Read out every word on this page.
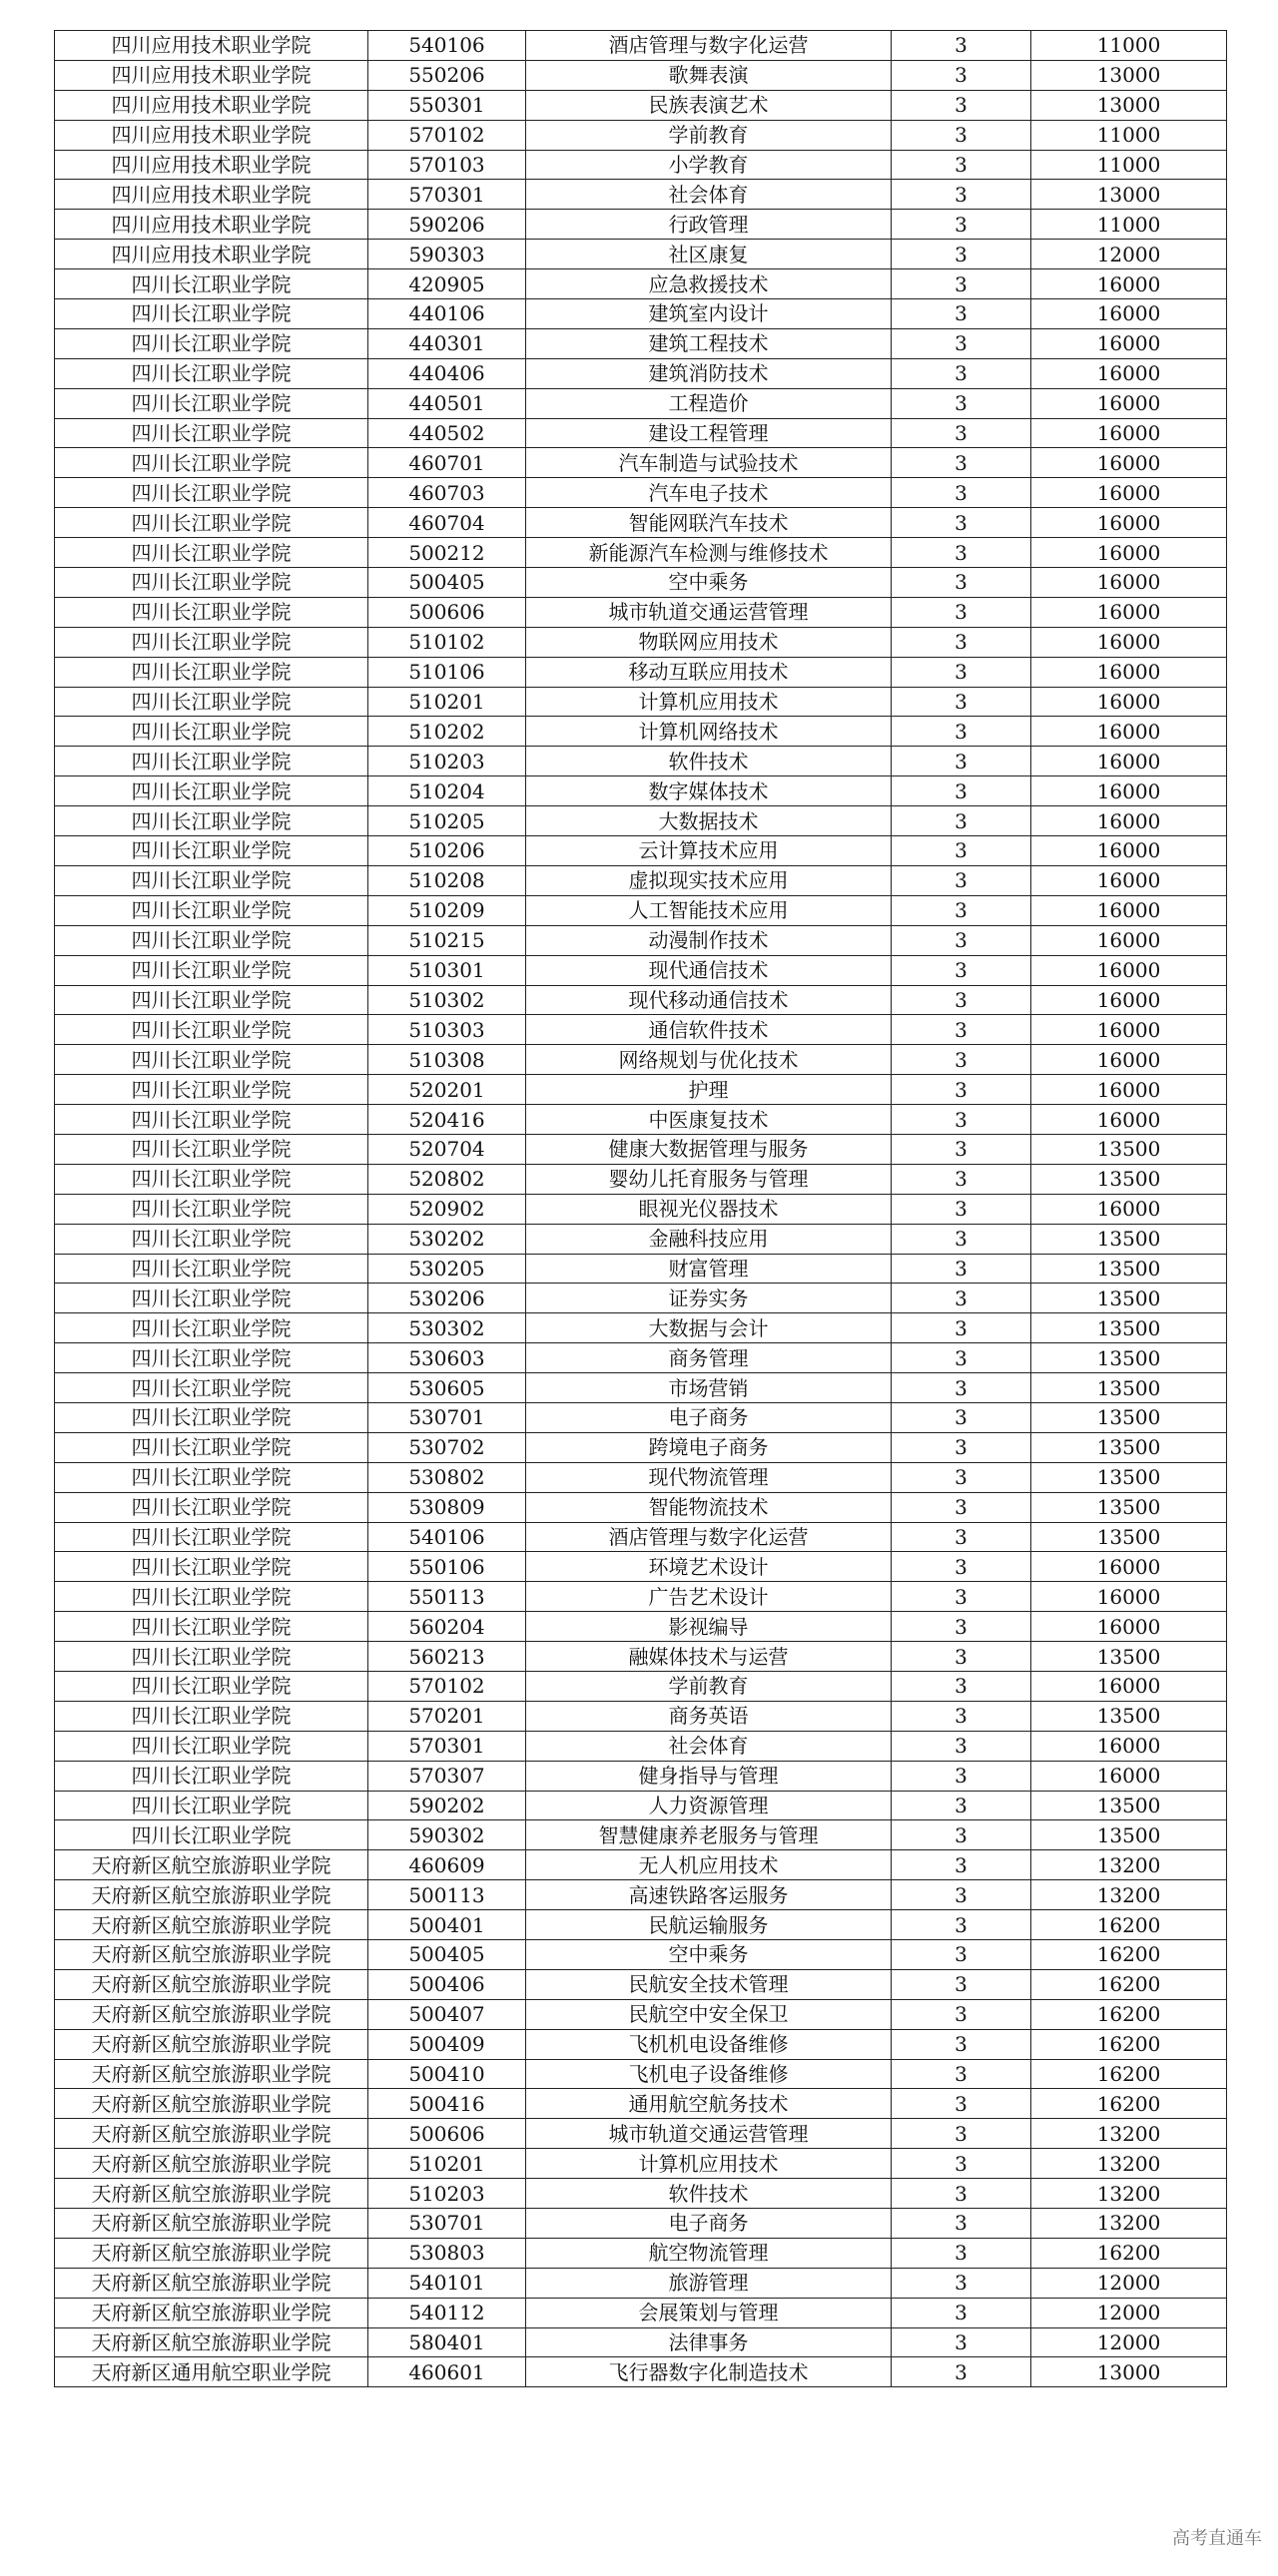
四川应用技术职业学院	540106	酒店管理与数字化运营	3	11000
四川应用技术职业学院	550206	歌舞表演	3	13000
四川应用技术职业学院	550301	民族表演艺术	3	13000
四川应用技术职业学院	570102	学前教育	3	11000
四川应用技术职业学院	570103	小学教育	3	11000
四川应用技术职业学院	570301	社会体育	3	13000
四川应用技术职业学院	590206	行政管理	3	11000
四川应用技术职业学院	590303	社区康复	3	12000
四川长江职业学院	420905	应急救援技术	3	16000
四川长江职业学院	440106	建筑室内设计	3	16000
四川长江职业学院	440301	建筑工程技术	3	16000
四川长江职业学院	440406	建筑消防技术	3	16000
四川长江职业学院	440501	工程造价	3	16000
四川长江职业学院	440502	建设工程管理	3	16000
四川长江职业学院	460701	汽车制造与试验技术	3	16000
四川长江职业学院	460703	汽车电子技术	3	16000
四川长江职业学院	460704	智能网联汽车技术	3	16000
四川长江职业学院	500212	新能源汽车检测与维修技术	3	16000
四川长江职业学院	500405	空中乘务	3	16000
四川长江职业学院	500606	城市轨道交通运营管理	3	16000
四川长江职业学院	510102	物联网应用技术	3	16000
四川长江职业学院	510106	移动互联应用技术	3	16000
四川长江职业学院	510201	计算机应用技术	3	16000
四川长江职业学院	510202	计算机网络技术	3	16000
四川长江职业学院	510203	软件技术	3	16000
四川长江职业学院	510204	数字媒体技术	3	16000
四川长江职业学院	510205	大数据技术	3	16000
四川长江职业学院	510206	云计算技术应用	3	16000
四川长江职业学院	510208	虚拟现实技术应用	3	16000
四川长江职业学院	510209	人工智能技术应用	3	16000
四川长江职业学院	510215	动漫制作技术	3	16000
四川长江职业学院	510301	现代通信技术	3	16000
四川长江职业学院	510302	现代移动通信技术	3	16000
四川长江职业学院	510303	通信软件技术	3	16000
四川长江职业学院	510308	网络规划与优化技术	3	16000
四川长江职业学院	520201	护理	3	16000
四川长江职业学院	520416	中医康复技术	3	16000
四川长江职业学院	520704	健康大数据管理与服务	3	13500
四川长江职业学院	520802	婴幼儿托育服务与管理	3	13500
四川长江职业学院	520902	眼视光仪器技术	3	16000
四川长江职业学院	530202	金融科技应用	3	13500
四川长江职业学院	530205	财富管理	3	13500
四川长江职业学院	530206	证券实务	3	13500
四川长江职业学院	530302	大数据与会计	3	13500
四川长江职业学院	530603	商务管理	3	13500
四川长江职业学院	530605	市场营销	3	13500
四川长江职业学院	530701	电子商务	3	13500
四川长江职业学院	530702	跨境电子商务	3	13500
四川长江职业学院	530802	现代物流管理	3	13500
四川长江职业学院	530809	智能物流技术	3	13500
四川长江职业学院	540106	酒店管理与数字化运营	3	13500
四川长江职业学院	550106	环境艺术设计	3	16000
四川长江职业学院	550113	广告艺术设计	3	16000
四川长江职业学院	560204	影视编导	3	16000
四川长江职业学院	560213	融媒体技术与运营	3	13500
四川长江职业学院	570102	学前教育	3	16000
四川长江职业学院	570201	商务英语	3	13500
四川长江职业学院	570301	社会体育	3	16000
四川长江职业学院	570307	健身指导与管理	3	16000
四川长江职业学院	590202	人力资源管理	3	13500
四川长江职业学院	590302	智慧健康养老服务与管理	3	13500
天府新区航空旅游职业学院	460609	无人机应用技术	3	13200
天府新区航空旅游职业学院	500113	高速铁路客运服务	3	13200
天府新区航空旅游职业学院	500401	民航运输服务	3	16200
天府新区航空旅游职业学院	500405	空中乘务	3	16200
天府新区航空旅游职业学院	500406	民航安全技术管理	3	16200
天府新区航空旅游职业学院	500407	民航空中安全保卫	3	16200
天府新区航空旅游职业学院	500409	飞机机电设备维修	3	16200
天府新区航空旅游职业学院	500410	飞机电子设备维修	3	16200
天府新区航空旅游职业学院	500416	通用航空航务技术	3	16200
天府新区航空旅游职业学院	500606	城市轨道交通运营管理	3	13200
天府新区航空旅游职业学院	510201	计算机应用技术	3	13200
天府新区航空旅游职业学院	510203	软件技术	3	13200
天府新区航空旅游职业学院	530701	电子商务	3	13200
天府新区航空旅游职业学院	530803	航空物流管理	3	16200
天府新区航空旅游职业学院	540101	旅游管理	3	12000
天府新区航空旅游职业学院	540112	会展策划与管理	3	12000
天府新区航空旅游职业学院	580401	法律事务	3	12000
天府新区通用航空职业学院	460601	飞行器数字化制造技术	3	13000
高考直通车
